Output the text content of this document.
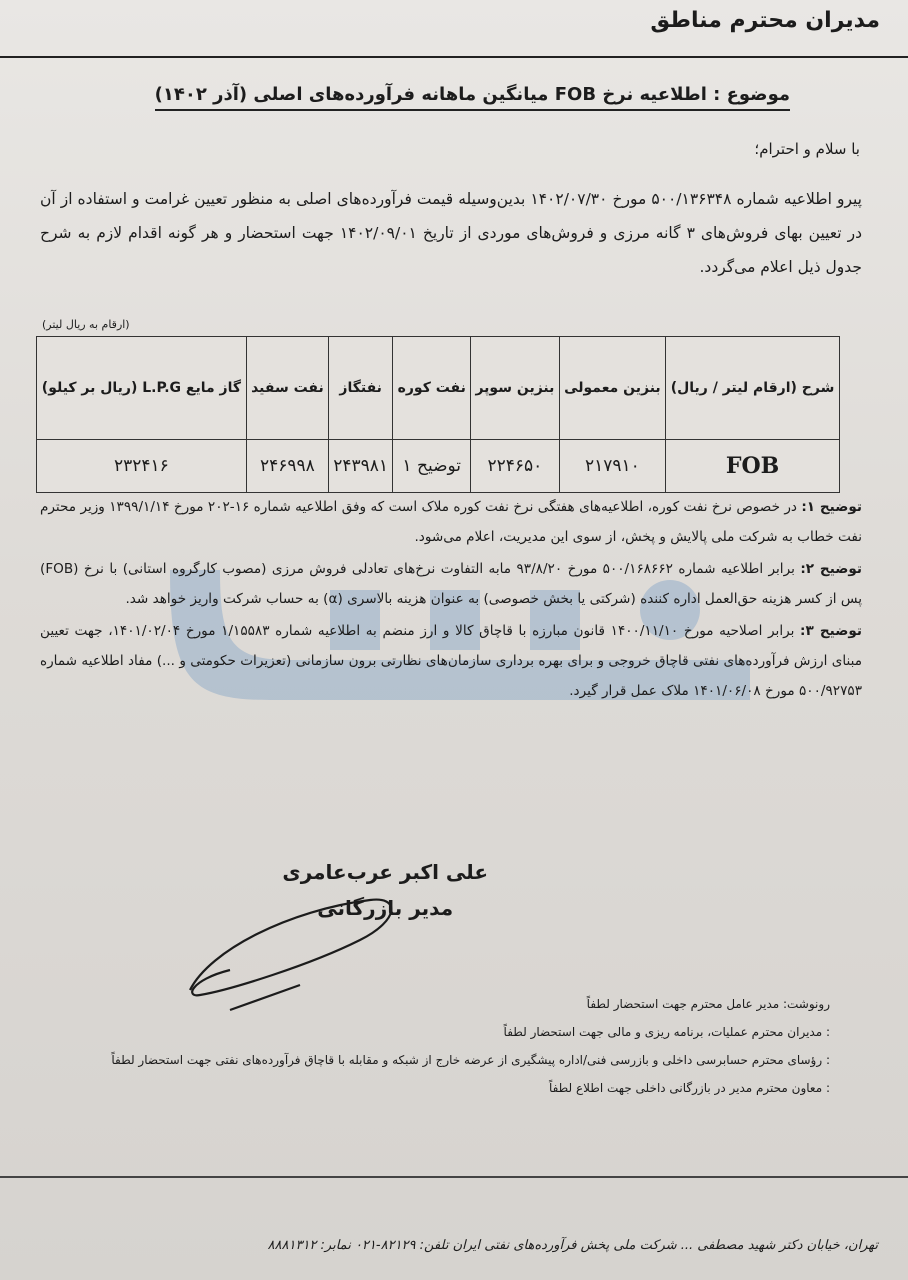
مدیران محترم مناطق
موضوع : اطلاعیه نرخ FOB میانگین ماهانه فرآورده‌های اصلی (آذر ۱۴۰۲)
با سلام و احترام؛
پیرو اطلاعیه شماره ۵۰۰/۱۳۶۳۴۸ مورخ ۱۴۰۲/۰۷/۳۰ بدین‌وسیله قیمت فرآورده‌های اصلی به منظور تعیین غرامت و استفاده از آن در تعیین بهای فروش‌های ۳ گانه مرزی و فروش‌های موردی از تاریخ ۱۴۰۲/۰۹/۰۱ جهت استحضار و هر گونه اقدام لازم به شرح جدول ذیل اعلام می‌گردد.
(ارقام به ریال لیتر)
شرح (ارقام لیتر / ریال)	بنزین معمولی	بنزین سوپر	نفت کوره	نفتگاز	نفت سفید	گاز مایع L.P.G (ریال بر کیلو)
FOB	۲۱۷۹۱۰	۲۲۴۶۵۰	توضیح ۱	۲۴۳۹۸۱	۲۴۶۹۹۸	۲۳۲۴۱۶

توضیح ۱: در خصوص نرخ نفت کوره، اطلاعیه‌های هفتگی نرخ نفت کوره ملاک است که وفق اطلاعیه شماره ۱۶-۲۰۲ مورخ ۱۳۹۹/۱/۱۴ وزیر محترم نفت خطاب به شرکت ملی پالایش و پخش، از سوی این مدیریت، اعلام می‌شود.

توضیح ۲: برابر اطلاعیه شماره ۵۰۰/۱۶۸۶۶۲ مورخ ۹۳/۸/۲۰ مابه التفاوت نرخ‌های تعادلی فروش مرزی (مصوب کارگروه استانی) با نرخ (FOB) پس از کسر هزینه حق‌العمل اداره کننده (شرکتی یا بخش خصوصی) به عنوان هزینه بالاسری (α) به حساب شرکت واریز خواهد شد.

توضیح ۳: برابر اصلاحیه مورخ ۱۴۰۰/۱۱/۱۰ قانون مبارزه با قاچاق کالا و ارز منضم به اطلاعیه شماره ۱/۱۵۵۸۳ مورخ ۱۴۰۱/۰۲/۰۴، جهت تعیین مبنای ارزش فرآورده‌های نفتی قاچاق خروجی و برای بهره برداری سازمان‌های نظارتی برون سازمانی (تعزیرات حکومتی و ...) مفاد اطلاعیه شماره ۵۰۰/۹۲۷۵۳ مورخ ۱۴۰۱/۰۶/۰۸ ملاک عمل قرار گیرد.

علی اکبر عرب‌عامری
مدیر بازرگانی
رونوشت: مدیر عامل محترم جهت استحضار لطفاً
: مدیران محترم عملیات، برنامه ریزی و مالی جهت استحضار لطفاً
: رؤسای محترم حسابرسی داخلی و بازرسی فنی/اداره پیشگیری از عرضه خارج از شبکه و مقابله با قاچاق فرآورده‌های نفتی جهت استحضار لطفاً
: معاون محترم مدیر در بازرگانی داخلی جهت اطلاع لطفاً
تهران، خیابان دکتر شهید مصطفی ... شرکت ملی پخش فرآورده‌های نفتی ایران تلفن: ۸۲۱۲۹-۰۲۱ نمابر: ۸۸۸۱۳۱۲
